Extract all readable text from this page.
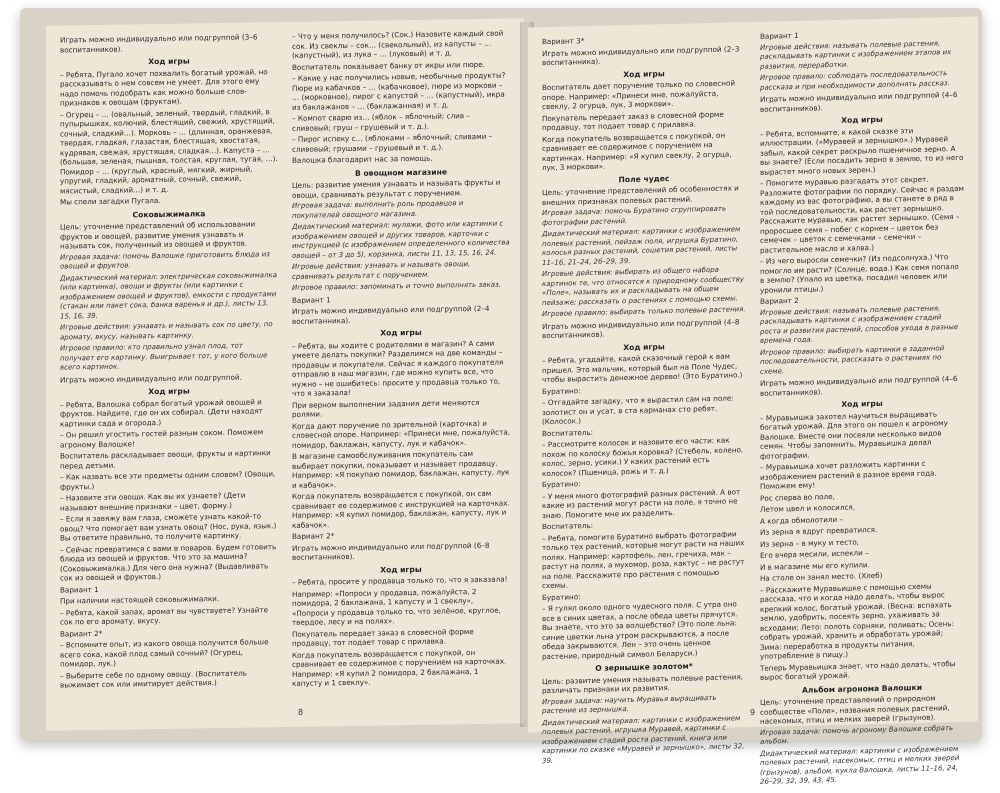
Играть можно индивидуально или подгруппой (3–6 воспитанников).

Ход игры

– Ребята, Пугало хочет похвалить богатый урожай, но рассказывать о нем совсем не умеет. Для этого ему надо помочь подобрать как можно больше слов-признаков к овощам (фруктам).

– Огурец – … (овальный, зеленый, твердый, гладкий, в пупырышках, колючий, блестящий, свежий, хрустящий, сочный, сладкий…). Морковь – … (длинная, оранжевая, твердая, гладкая, глазастая, блестящая, хвостатая, кудрявая, свежая, хрустящая, сладкая…). Капуста – … (большая, зеленая, пышная, толстая, круглая, тугая, …). Помидор – … (круглый, красный, мягкий, жирный, упругий, гладкий, ароматный, сочный, свежий, мясистый, сладкий…) и т. д.

Мы спели загадки Пугала.

Соковыжималка

Цель: уточнение представлений об использовании фруктов и овощей, развитие умения узнавать и называть сок, полученный из овощей и фруктов.

Игровая задача: помочь Валошке приготовить блюда из овощей и фруктов.

Дидактический материал: электрическая соковыжималка (или картинка), овощи и фрукты (или картинки с изображением овощей и фруктов), емкости с продуктами (стакан или пакет сока, банка варенья и др.), листы 13, 15, 16, 39.

Игровые действия: узнавать и называть сок по цвету, по аромату, вкусу, называть картинку.

Игровое правило: кто правильно узнал плод, тот получает его картинку. Выигрывает тот, у кого больше всего картинок.

Играть можно индивидуально или подгруппой.

Ход игры

– Ребята, Валошка собрал богатый урожай овощей и фруктов. Найдите, где он их собирал. (Дети находят картинки сада и огорода.)

– Он решил угостить гостей разным соком. Поможем агроному Валошке!

Воспитатель раскладывает овощи, фрукты и картинки перед детьми.

– Как назвать все эти предметы одним словом? (Овощи, фрукты.)

– Назовите эти овощи. Как вы их узнаете? (Дети называют внешние признаки – цвет, форму.)

– Если я завяжу вам глаза, сможете узнать какой-то овощ? Что помогает вам узнать овощ? (Нос, рука, язык.) Вы ответите правильно, то получите картинку.

– Сейчас превратимся с вами в поваров. Будем готовить блюда из овощей и фруктов. Что это за машина? (Соковыжималка.) Для чего она нужна? (Выдавливать сок из овощей и фруктов.)

Вариант 1

При наличии настоящей соковыжималки.

– Ребята, какой запах, аромат вы чувствуете? Узнайте сок по его аромату, вкусу.

Вариант 2*

– Вспомните опыт, из какого овоща получится больше всего сока, какой плод самый сочный? (Огурец, помидор, лук.)

– Выберите себе по одному овощу. (Воспитатель выжимает сок или имитирует действия.)

– Что у меня получилось? (Сок.) Назовите каждый свой сок. Из свеклы – сок… (свекольный), из капусты – … (капустный), из лука – … (луковый) и т. д.

Воспитатель показывает банку от икры или пюре.

– Какие у нас получились новые, необычные продукты? Пюре из кабачков – … (кабачковое), пюре из моркови – … (морковное), пирог с капустой – … (капустный), икра из баклажанов – … (баклажанная) и т. д.

– Компот сварю из… (яблок – яблочный; слив – сливовый; груш – грушевый и т. д.).

– Пирог испеку с… (яблоками – яблочный; сливами – сливовый; грушами – грушевый и т. д.).

Валошка благодарит нас за помощь.

В овощном магазине

Цель: развитие умения узнавать и называть фрукты и овощи, сравнивать результат с поручением.

Игровая задача: выполнить роль продавцов и покупателей овощного магазина.

Дидактический материал: муляжи, фото или картинки с изображением овощей и других товаров, карточки с инструкцией (с изображением определенного количества овощей – от 3 до 5), корзинка, листы 11, 13, 15, 16, 24.

Игровые действия: узнавать и называть овощи, сравнивать результат с поручением.

Игровое правило: запоминать и точно выполнять заказ.

Вариант 1

Играть можно индивидуально или подгруппой (2–4 воспитанника).

Ход игры

– Ребята, вы ходите с родителями в магазин? А сами умеете делать покупки? Разделимся на две команды – продавцы и покупатели. Сейчас я каждого покупателя отправлю в наш магазин, где можно купить все, что нужно – не ошибитесь: просите у продавца только то, что я заказала!

При верном выполнении задания дети меняются ролями.

Когда дают поручение по зрительной (карточка) и словесной опоре. Например: «Принеси мне, пожалуйста, помидор, баклажан, капусту, лук и кабачок».

В магазине самообслуживания покупатель сам выбирает покупки, показывает и называет продавцу. Например: «Я покупаю помидор, баклажан, капусту, лук и кабачок».

Когда покупатель возвращается с покупкой, он сам сравнивает ее содержимое с инструкцией на карточках. Например: «Я купил помидор, баклажан, капусту, лук и кабачок».

Вариант 2*

Играть можно индивидуально или подгруппой (6–8 воспитанников).

Ход игры

– Ребята, просите у продавца только то, что я заказала!

Например: «Попроси у продавца, пожалуйста, 2 помидора, 2 баклажана, 1 капусту и 1 свеклу», «Попроси у продавца только то, что зелёное, круглое, твердое, лесу и на полях».

Покупатель передает заказ в словесной форме продавцу, тот подает товар с прилавка.

Когда покупатель возвращается с покупкой, он сравнивает ее содержимое с поручением на карточках. Например: «Я купил 2 помидора, 2 баклажана, 1 капусту и 1 свеклу».

8

Вариант 3*

Играть можно индивидуально или подгруппой (2–3 воспитанника).

Ход игры

Воспитатель дает поручение только по словесной опоре. Например: «Принеси мне, пожалуйста, свеклу, 2 огурца, лук, 3 моркови».

Покупатель передает заказ в словесной форме продавцу, тот подает товар с прилавка.

Когда покупатель возвращается с покупкой, он сравнивает ее содержимое с поручением на картинках. Например: «Я купил свеклу, 2 огурца, лук, 3 моркови».

Поле чудес

Цель: уточнение представлений об особенностях и внешних признаках полевых растений.

Игровая задача: помочь Буратино сгруппировать фотографии растений.

Дидактический материал: картинки с изображением полевых растений, пейзаж поля, игрушка Буратино, колосья разных растений, сошетия растений, листы 11–16, 21–24, 26–29, 39.

Игровые действия: выбирать из общего набора картинок те, что относятся к природному сообществу «Поле», называть их и раскладывать на общем пейзаже; рассказать о растениях с помощью схемы.

Игровое правило: выбирать только полевые растения.

Играть можно индивидуально или подгруппой (4–8 воспитанников).

Ход игры

– Ребята, угадайте, какой сказочный герой к вам пришел. Это мальчик, который был на Поле Чудес, чтобы вырастить денежное дерево! (Это Буратино.)

Буратино:

– Отгадайте загадку, что я вырастил сам на поле: золотист он и усат, в ста карманах сто ребят. (Колосок.)

Воспитатель:

– Рассмотрите колосок и назовите его части: как похож по колоску божья коровка? (Стебель, колено, колос, зерно, усики.) У каких растений есть колосок? (Пшеница, рожь и т. д.)

Буратино:

– У меня много фотографий разных растений. А вот какие из растений могут расти на поле, я точно не знаю. Помогите мне их разделить.

Воспитатель:

– Ребята, помогите Буратино выбрать фотографии только тех растений, которые могут расти на наших полях. Например: картофель, лен, гречиха, мак – растут на полях, а мухомор, роза, кактус – не растут на поле. Расскажите про растения с помощью схемы.

Буратино:

– Я гулял около одного чудесного поля. С утра оно все в синих цветах, а после обеда цветы прячутся. Вы знаете, что это за волшебство? (Это поле льна: синие цветки льна утром раскрываются, а после обеда закрываются. Лен – это очень ценное растение, природный символ Беларуси.)

О зернышке золотом*

Цель: развитие умения называть полевые растения, различать признаки их развития.

Игровая задача: научить Муравья выращивать растение из зернышка.

Дидактический материал: картинки с изображением полевых растений, игрушка Муравей, картинки с изображением стадий роста растений, книга или картинки по сказке «Муравей и зернышко», листы 32, 39.

Вариант 1

Игровые действия: называть полевые растения, раскладывать картинки с изображением этапов их развития, переработки.

Игровое правило: соблюдать последовательность рассказа и при необходимости дополнять рассказ.

Играть можно индивидуально или подгруппой (4–6 воспитанников).

Ход игры

– Ребята, вспомните, к какой сказке эти иллюстрации. («Муравей и зернышко».) Муравей забыл, какой секрет раскрыло пшеничное зерно. А вы знаете? (Если посадить зерно в землю, то из него вырастет много новых зерен.)

– Помогите муравью разгадать этот секрет. Разложите фотографии по порядку. Сейчас я раздам каждому из вас фотографию, а вы станете в ряд в той последовательности, как растет зернышко. Расскажите муравью, как растет зернышко. (Семя – проросшее семя – побег с корнем – цветок без семечек – цветок с семечками – семечки – растительное масло и халва.)

– Из чего выросли семечки? (Из подсолнуха.) Что помогло им расти? (Солнце, вода.) Как семя попало в землю? (Упало из цветка, посадил человек или уронили птицы.)

Вариант 2

Игровые действия: называть полевые растения, раскладывать картинки с изображением стадий роста и развития растений, способов ухода в разные времена года.

Игровое правило: выбирать картинки в заданной последовательности, рассказать о растениях по схеме.

Играть можно индивидуально или подгруппой (4–6 воспитанников).

Ход игры

– Муравьишка захотел научиться выращивать богатый урожай. Для этого он пошел к агроному Валошке. Вместе они посеяли несколько видов семян. Чтобы запомнить, Муравьишка делал фотографии.

– Муравьишка хочет разложить картинки с изображением растений в разное время года. Поможем ему!

Рос сперва во поле,

Летом цвел и колосился,

А когда обмолотили –

Из зерна я вдруг превратился.

Из зерна – в муку и тесто,

Его вчера месили, испекли –

И в магазине мы его купили.

На столе он занял место. (Хлеб)

– Расскажите Муравьишке с помощью схемы рассказа, что и когда надо делать, чтобы вырос крепкий колос, богатый урожай. (Весна: вспахать землю, удобрить, посеять зерно, ухаживать за всходами; Лето: полоть сорняки, поливать; Осень: собрать урожай, хранить и обработать урожай; Зима: переработка в продукты питания, употребление в пищу.)

Теперь Муравьишка знает, что надо делать, чтобы вырос богатый урожай.

Альбом агронома Валошки

Цель: уточнение представлений о природном сообществе «Поле», названия полевых растений, насекомых, птиц и мелких зверей (грызунов).

Игровая задача: помочь агроному Валошке собрать альбом.

Дидактический материал: картинки с изображением полевых растений, насекомых, птиц и мелких зверей (грызунов), альбом, кукла Валошка, листы 11–16, 24, 26–29, 32, 39, 43, 45.

9
